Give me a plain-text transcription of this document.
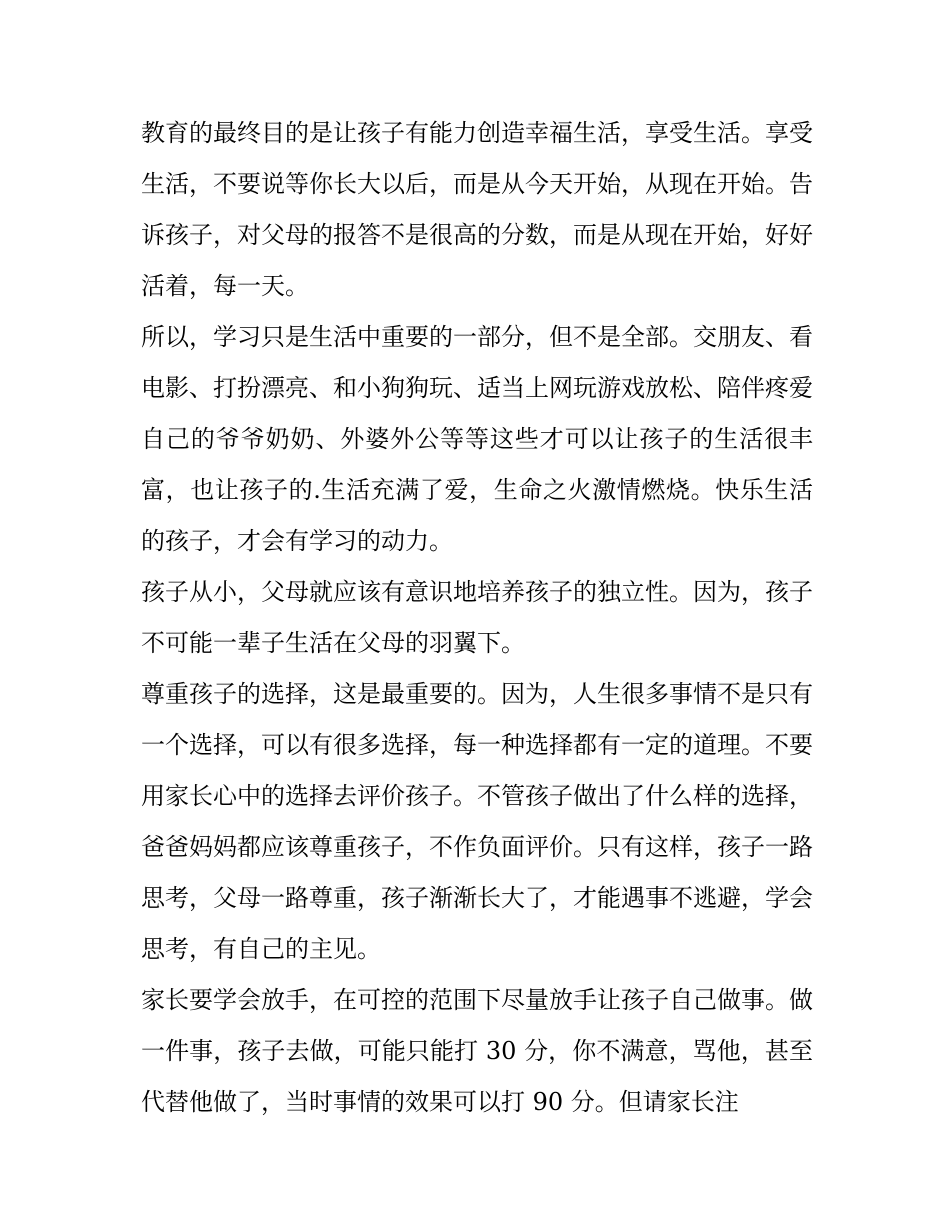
教育的最终目的是让孩子有能力创造幸福生活，享受生活。享受生活，不要说等你长大以后，而是从今天开始，从现在开始。告诉孩子，对父母的报答不是很高的分数，而是从现在开始，好好活着，每一天。

所以，学习只是生活中重要的一部分，但不是全部。交朋友、看电影、打扮漂亮、和小狗狗玩、适当上网玩游戏放松、陪伴疼爱自己的爷爷奶奶、外婆外公等等这些才可以让孩子的生活很丰富，也让孩子的.生活充满了爱，生命之火激情燃烧。快乐生活的孩子，才会有学习的动力。

孩子从小，父母就应该有意识地培养孩子的独立性。因为，孩子不可能一辈子生活在父母的羽翼下。

尊重孩子的选择，这是最重要的。因为，人生很多事情不是只有一个选择，可以有很多选择，每一种选择都有一定的道理。不要用家长心中的选择去评价孩子。不管孩子做出了什么样的选择，爸爸妈妈都应该尊重孩子，不作负面评价。只有这样，孩子一路思考，父母一路尊重，孩子渐渐长大了，才能遇事不逃避，学会思考，有自己的主见。

家长要学会放手，在可控的范围下尽量放手让孩子自己做事。做一件事，孩子去做，可能只能打 30 分，你不满意，骂他，甚至代替他做了，当时事情的效果可以打 90 分。但请家长注
